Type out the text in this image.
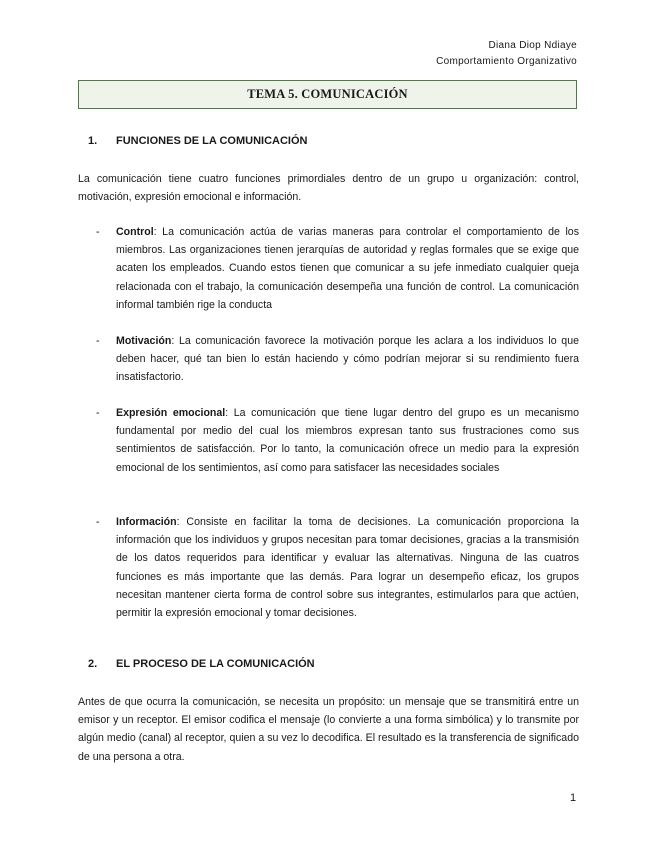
Diana Diop Ndiaye
Comportamiento Organizativo
TEMA 5. COMUNICACIÓN
1. FUNCIONES DE LA COMUNICACIÓN
La comunicación tiene cuatro funciones primordiales dentro de un grupo u organización: control, motivación, expresión emocional e información.
- Control: La comunicación actúa de varias maneras para controlar el comportamiento de los miembros. Las organizaciones tienen jerarquías de autoridad y reglas formales que se exige que acaten los empleados. Cuando estos tienen que comunicar a su jefe inmediato cualquier queja relacionada con el trabajo, la comunicación desempeña una función de control. La comunicación informal también rige la conducta
- Motivación: La comunicación favorece la motivación porque les aclara a los individuos lo que deben hacer, qué tan bien lo están haciendo y cómo podrían mejorar si su rendimiento fuera insatisfactorio.
- Expresión emocional: La comunicación que tiene lugar dentro del grupo es un mecanismo fundamental por medio del cual los miembros expresan tanto sus frustraciones como sus sentimientos de satisfacción. Por lo tanto, la comunicación ofrece un medio para la expresión emocional de los sentimientos, así como para satisfacer las necesidades sociales
- Información: Consiste en facilitar la toma de decisiones. La comunicación proporciona la información que los individuos y grupos necesitan para tomar decisiones, gracias a la transmisión de los datos requeridos para identificar y evaluar las alternativas. Ninguna de las cuatros funciones es más importante que las demás. Para lograr un desempeño eficaz, los grupos necesitan mantener cierta forma de control sobre sus integrantes, estimularlos para que actúen, permitir la expresión emocional y tomar decisiones.
2. EL PROCESO DE LA COMUNICACIÓN
Antes de que ocurra la comunicación, se necesita un propósito: un mensaje que se transmitirá entre un emisor y un receptor. El emisor codifica el mensaje (lo convierte a una forma simbólica) y lo transmite por algún medio (canal) al receptor, quien a su vez lo decodifica. El resultado es la transferencia de significado de una persona a otra.
1
